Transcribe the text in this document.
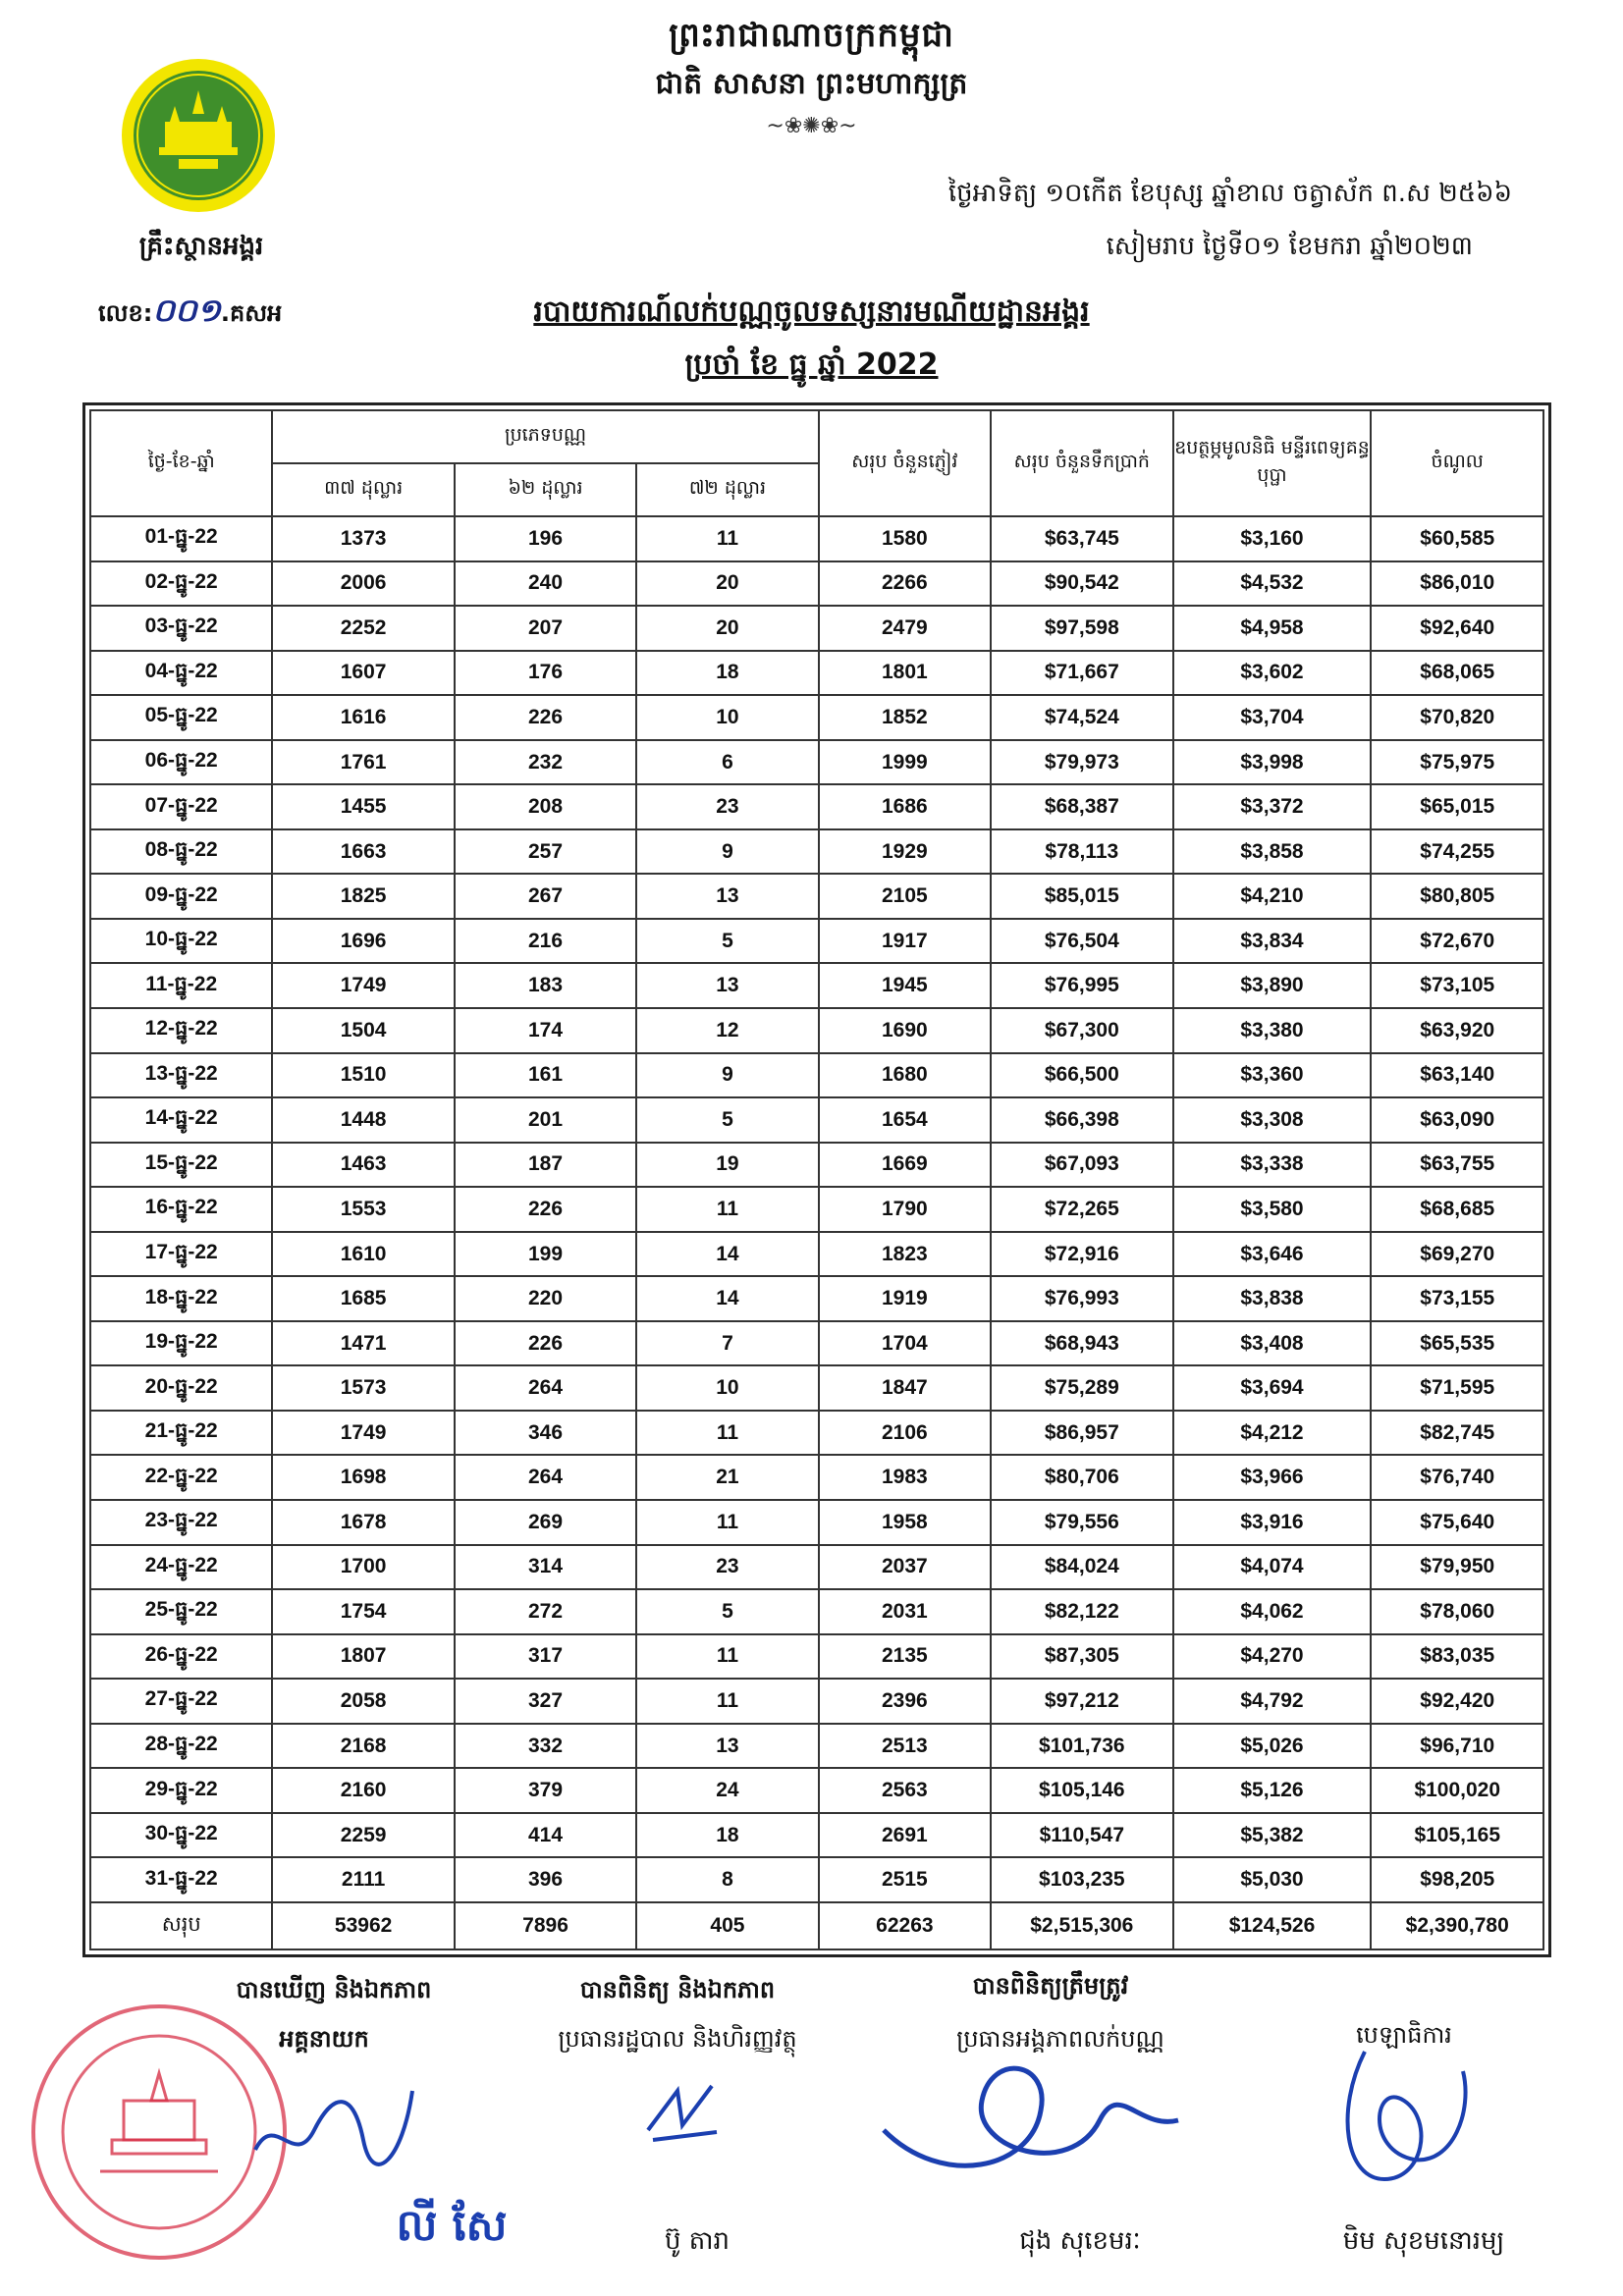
ព្រះរាជាណាចក្រកម្ពុជា
ជាតិ សាសនា ព្រះមហាក្សត្រ
~❀✺❀~
គ្រឹះស្ថានអង្គរ
លេខ:០០១.គសអ
ថ្ងៃអាទិត្យ ១០កើត ខែបុស្ស ឆ្នាំខាល ចត្វាស័ក ព.ស ២៥៦៦
សៀមរាប ថ្ងៃទី០១ ខែមករា ឆ្នាំ២០២៣
របាយការណ៍លក់បណ្ណចូលទស្សនារមណីយដ្ឋានអង្គរ
ប្រចាំ ខែ ធ្នូ ឆ្នាំ 2022
ថ្ងៃ-ខែ-ឆ្នាំ	ប្រភេទបណ្ណ			សរុប ចំនួនភ្ញៀវ	សរុប ចំនួនទឹកប្រាក់	ឧបត្ថម្ភមូលនិធិ មន្ទីរពេទ្យគន្ធបុប្ផា	ចំណូល
	៣៧ ដុល្លារ	៦២ ដុល្លារ	៧២ ដុល្លារ				
01-ធ្នូ-22	1373	196	11	1580	$63,745	$3,160	$60,585
02-ធ្នូ-22	2006	240	20	2266	$90,542	$4,532	$86,010
03-ធ្នូ-22	2252	207	20	2479	$97,598	$4,958	$92,640
04-ធ្នូ-22	1607	176	18	1801	$71,667	$3,602	$68,065
05-ធ្នូ-22	1616	226	10	1852	$74,524	$3,704	$70,820
06-ធ្នូ-22	1761	232	6	1999	$79,973	$3,998	$75,975
07-ធ្នូ-22	1455	208	23	1686	$68,387	$3,372	$65,015
08-ធ្នូ-22	1663	257	9	1929	$78,113	$3,858	$74,255
09-ធ្នូ-22	1825	267	13	2105	$85,015	$4,210	$80,805
10-ធ្នូ-22	1696	216	5	1917	$76,504	$3,834	$72,670
11-ធ្នូ-22	1749	183	13	1945	$76,995	$3,890	$73,105
12-ធ្នូ-22	1504	174	12	1690	$67,300	$3,380	$63,920
13-ធ្នូ-22	1510	161	9	1680	$66,500	$3,360	$63,140
14-ធ្នូ-22	1448	201	5	1654	$66,398	$3,308	$63,090
15-ធ្នូ-22	1463	187	19	1669	$67,093	$3,338	$63,755
16-ធ្នូ-22	1553	226	11	1790	$72,265	$3,580	$68,685
17-ធ្នូ-22	1610	199	14	1823	$72,916	$3,646	$69,270
18-ធ្នូ-22	1685	220	14	1919	$76,993	$3,838	$73,155
19-ធ្នូ-22	1471	226	7	1704	$68,943	$3,408	$65,535
20-ធ្នូ-22	1573	264	10	1847	$75,289	$3,694	$71,595
21-ធ្នូ-22	1749	346	11	2106	$86,957	$4,212	$82,745
22-ធ្នូ-22	1698	264	21	1983	$80,706	$3,966	$76,740
23-ធ្នូ-22	1678	269	11	1958	$79,556	$3,916	$75,640
24-ធ្នូ-22	1700	314	23	2037	$84,024	$4,074	$79,950
25-ធ្នូ-22	1754	272	5	2031	$82,122	$4,062	$78,060
26-ធ្នូ-22	1807	317	11	2135	$87,305	$4,270	$83,035
27-ធ្នូ-22	2058	327	11	2396	$97,212	$4,792	$92,420
28-ធ្នូ-22	2168	332	13	2513	$101,736	$5,026	$96,710
29-ធ្នូ-22	2160	379	24	2563	$105,146	$5,126	$100,020
30-ធ្នូ-22	2259	414	18	2691	$110,547	$5,382	$105,165
31-ធ្នូ-22	2111	396	8	2515	$103,235	$5,030	$98,205
សរុប	53962	7896	405	62263	$2,515,306	$124,526	$2,390,780
បានឃើញ និងឯកភាព
អគ្គនាយក
លី សែ
បានពិនិត្យ និងឯកភាព
ប្រធានរដ្ឋបាល និងហិរញ្ញវត្ថុ
ប៊ូ តារា
បានពិនិត្យត្រឹមត្រូវ
ប្រធានអង្គភាពលក់បណ្ណ
ជុង សុខេមរៈ
បេឡាធិការ
មិម សុខមនោរម្យ
